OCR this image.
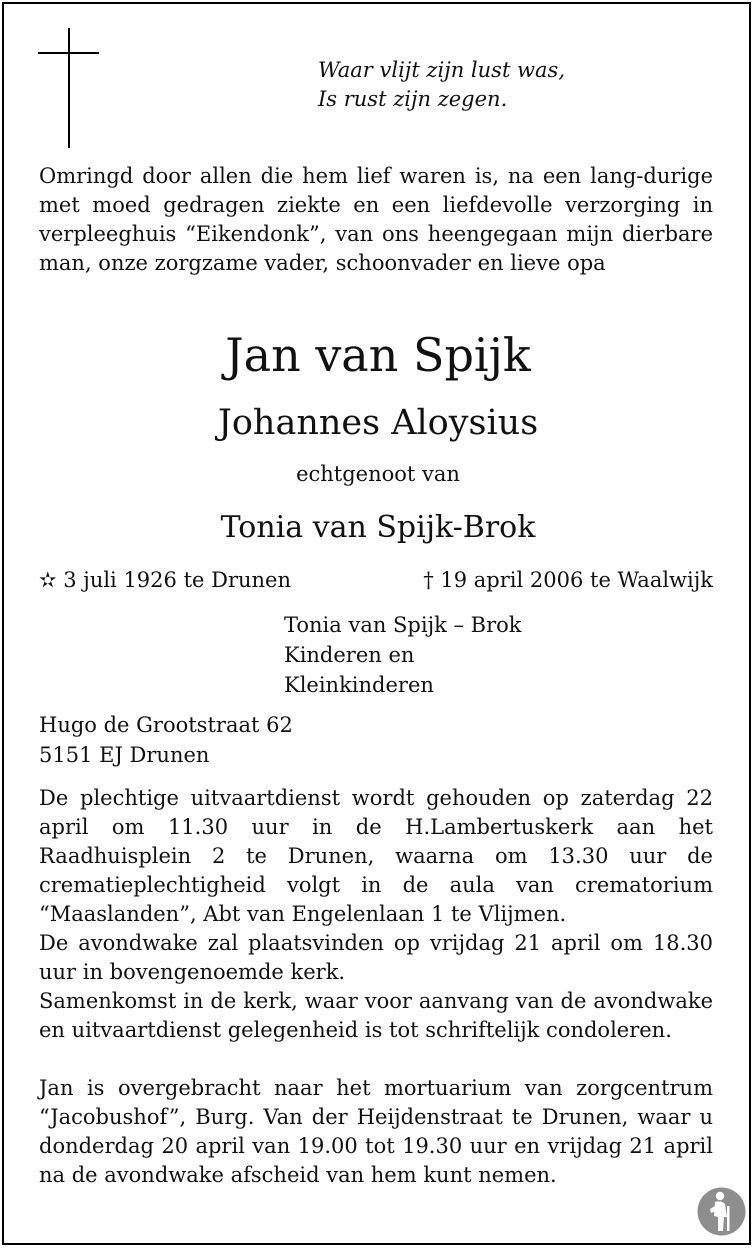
Waar vlijt zijn lust was,
Is rust zijn zegen.
Omringd door allen die hem lief waren is, na een lang-durige met moed gedragen ziekte en een liefdevolle verzorging in verpleeghuis “Eikendonk”, van ons heengegaan mijn dierbare man, onze zorgzame vader, schoonvader en lieve opa
Jan van Spijk
Johannes Aloysius
echtgenoot van
Tonia van Spijk-Brok
✫ 3 juli 1926 te Drunen	† 19 april 2006 te Waalwijk
Tonia van Spijk – Brok
Kinderen en
Kleinkinderen
Hugo de Grootstraat 62
5151 EJ Drunen
De plechtige uitvaartdienst wordt gehouden op zaterdag 22 april om 11.30 uur in de H.Lambertuskerk aan het Raadhuisplein 2 te Drunen, waarna om 13.30 uur de crematieplechtigheid volgt in de aula van crematorium “Maaslanden”, Abt van Engelenlaan 1 te Vlijmen.
De avondwake zal plaatsvinden op vrijdag 21 april om 18.30 uur in bovengenoemde kerk.
Samenkomst in de kerk, waar voor aanvang van de avondwake en uitvaartdienst gelegenheid is tot schriftelijk condoleren.
Jan is overgebracht naar het mortuarium van zorgcentrum “Jacobushof”, Burg. Van der Heijdenstraat te Drunen, waar u donderdag 20 april van 19.00 tot 19.30 uur en vrijdag 21 april na de avondwake afscheid van hem kunt nemen.
